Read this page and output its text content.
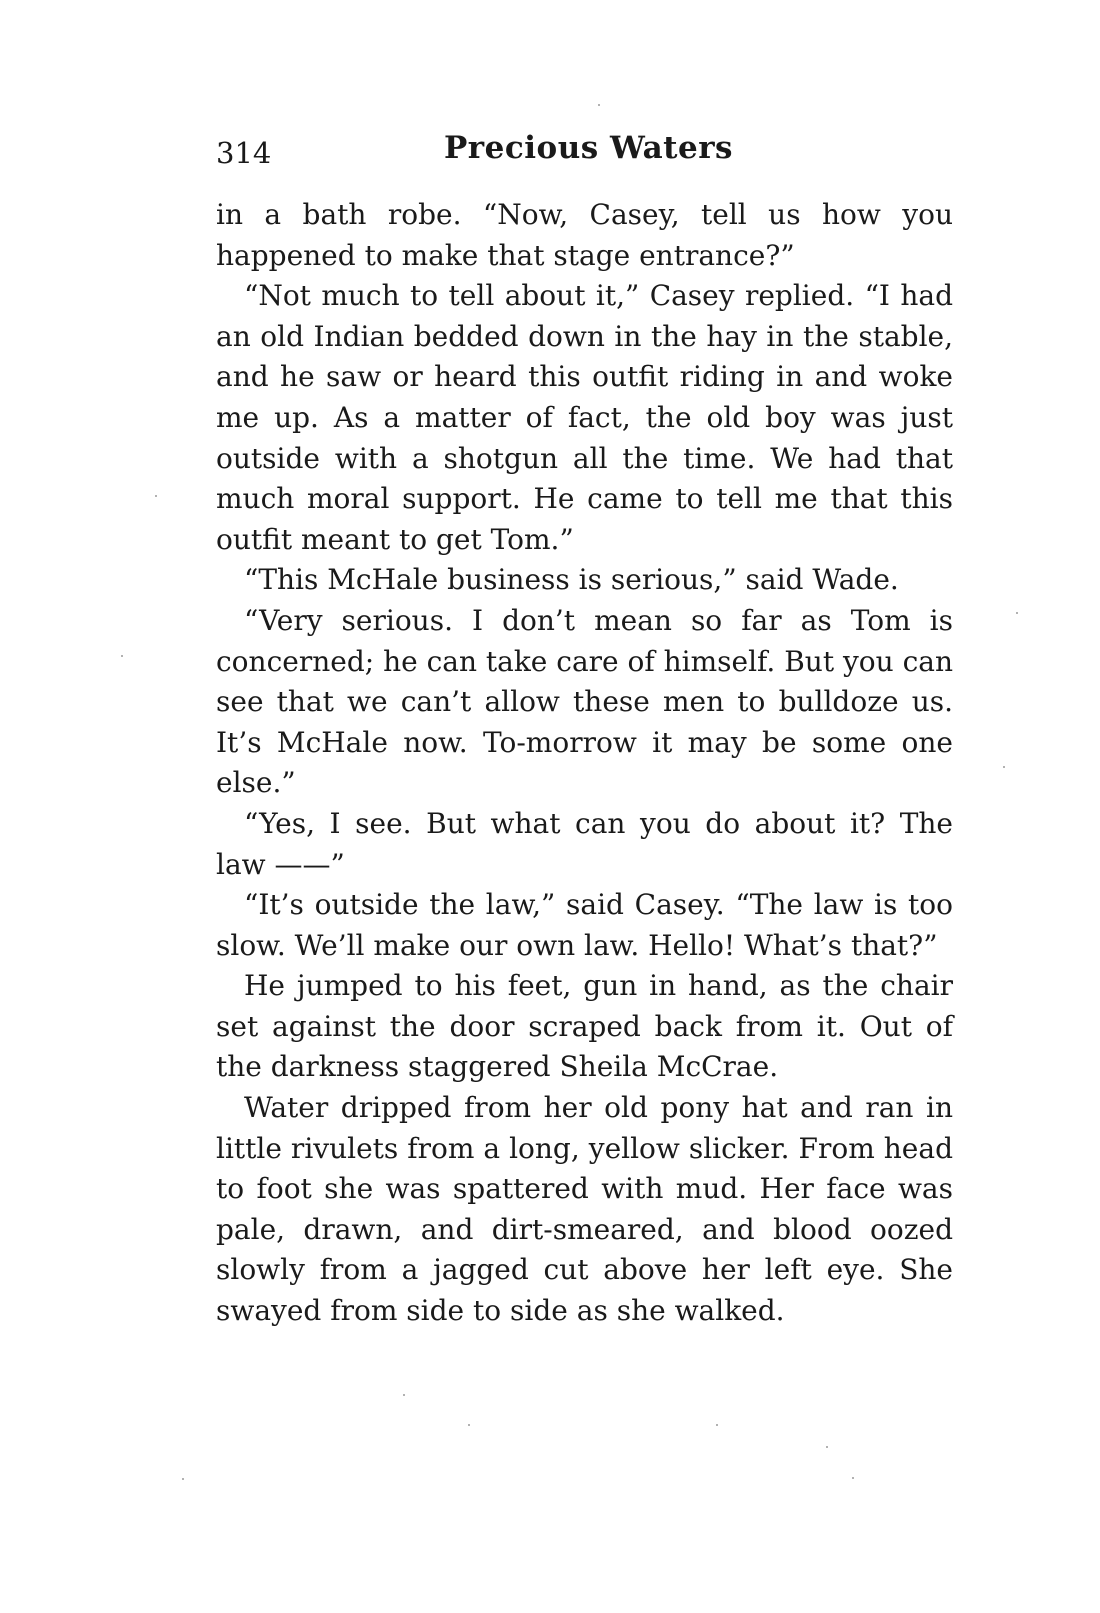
314	Precious Waters

in a bath robe. “Now, Casey, tell us how you happened to make that stage entrance?”

“Not much to tell about it,” Casey replied. “I had an old Indian bedded down in the hay in the stable, and he saw or heard this outfit riding in and woke me up. As a matter of fact, the old boy was just outside with a shotgun all the time. We had that much moral support. He came to tell me that this outfit meant to get Tom.”

“This McHale business is serious,” said Wade.

“Very serious. I don’t mean so far as Tom is concerned; he can take care of himself. But you can see that we can’t allow these men to bulldoze us. It’s McHale now. To-morrow it may be some one else.”

“Yes, I see. But what can you do about it? The law ——”

“It’s outside the law,” said Casey. “The law is too slow. We’ll make our own law. Hello! What’s that?”

He jumped to his feet, gun in hand, as the chair set against the door scraped back from it. Out of the darkness staggered Sheila McCrae.

Water dripped from her old pony hat and ran in little rivulets from a long, yellow slicker. From head to foot she was spattered with mud. Her face was pale, drawn, and dirt-smeared, and blood oozed slowly from a jagged cut above her left eye. She swayed from side to side as she walked.
